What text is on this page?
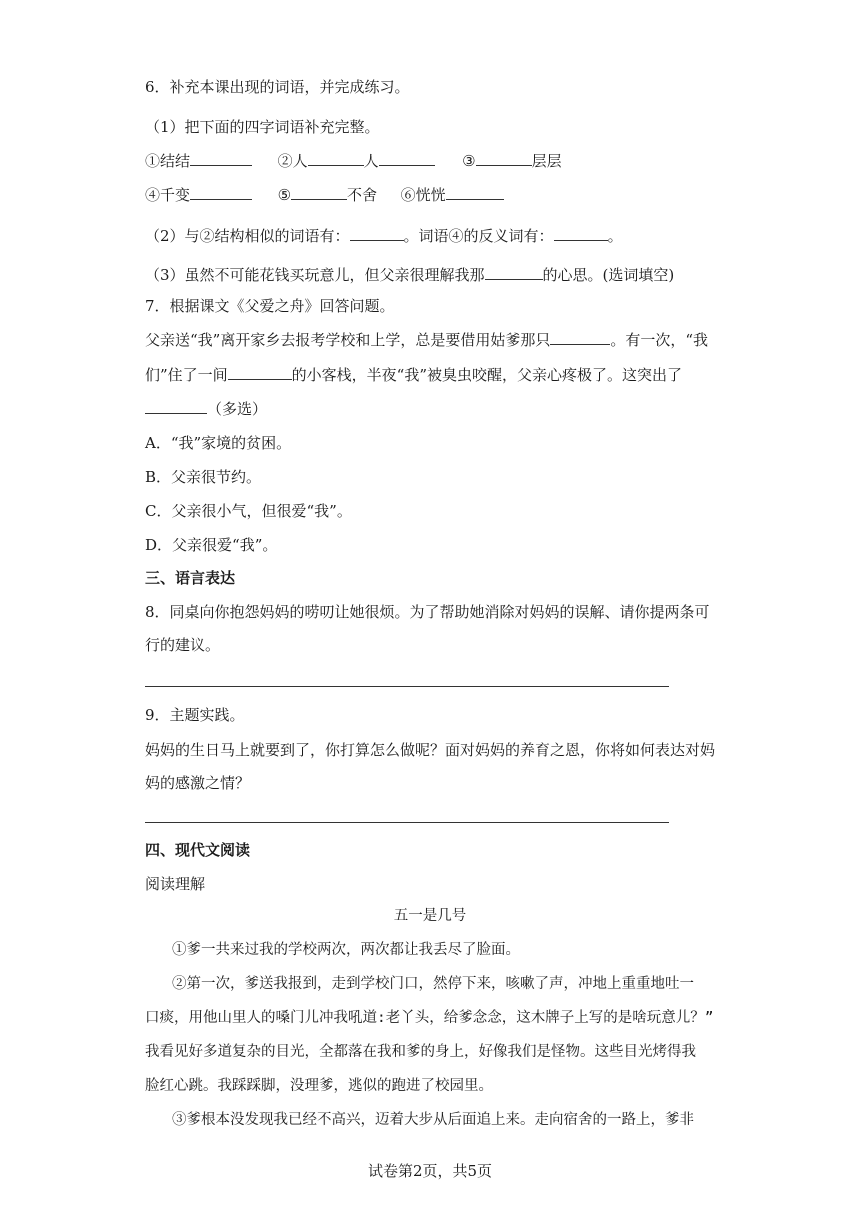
6．补充本课出现的词语，并完成练习。
（1）把下面的四字词语补充完整。
①结结	②人	人	③	层层
④千变	⑤	不舍 ⑥恍恍
（2）与②结构相似的词语有：	。词语④的反义词有：	。
（3）虽然不可能花钱买玩意儿，但父亲很理解我那	的心思。(选词填空)
7．根据课文《父爱之舟》回答问题。
父亲送“我”离开家乡去报考学校和上学，总是要借用姑爹那只	。有一次，“我
们”住了一间	的小客栈，半夜“我”被臭虫咬醒，父亲心疼极了。这突出了
（多选）
A．“我”家境的贫困。
B．父亲很节约。
C．父亲很小气，但很爱“我”。
D．父亲很爱“我”。
三、语言表达
8．同桌向你抱怨妈妈的唠叨让她很烦。为了帮助她消除对妈妈的误解、请你提两条可
行的建议。
9．主题实践。
妈妈的生日马上就要到了，你打算怎么做呢？面对妈妈的养育之恩，你将如何表达对妈
妈的感激之情？
四、现代文阅读
阅读理解
五一是几号
①爹一共来过我的学校两次，两次都让我丢尽了脸面。
②第一次，爹送我报到，走到学校门口，然停下来，咳嗽了声，冲地上重重地吐一
口痰，用他山里人的嗓门儿冲我吼道:老丫头，给爹念念，这木牌子上写的是啥玩意儿？”
我看见好多道复杂的目光，全都落在我和爹的身上，好像我们是怪物。这些目光烤得我
脸红心跳。我踩踩脚，没理爹，逃似的跑进了校园里。
③爹根本没发现我已经不高兴，迈着大步从后面追上来。走向宿舍的一路上，爹非
试卷第2页，共5页
